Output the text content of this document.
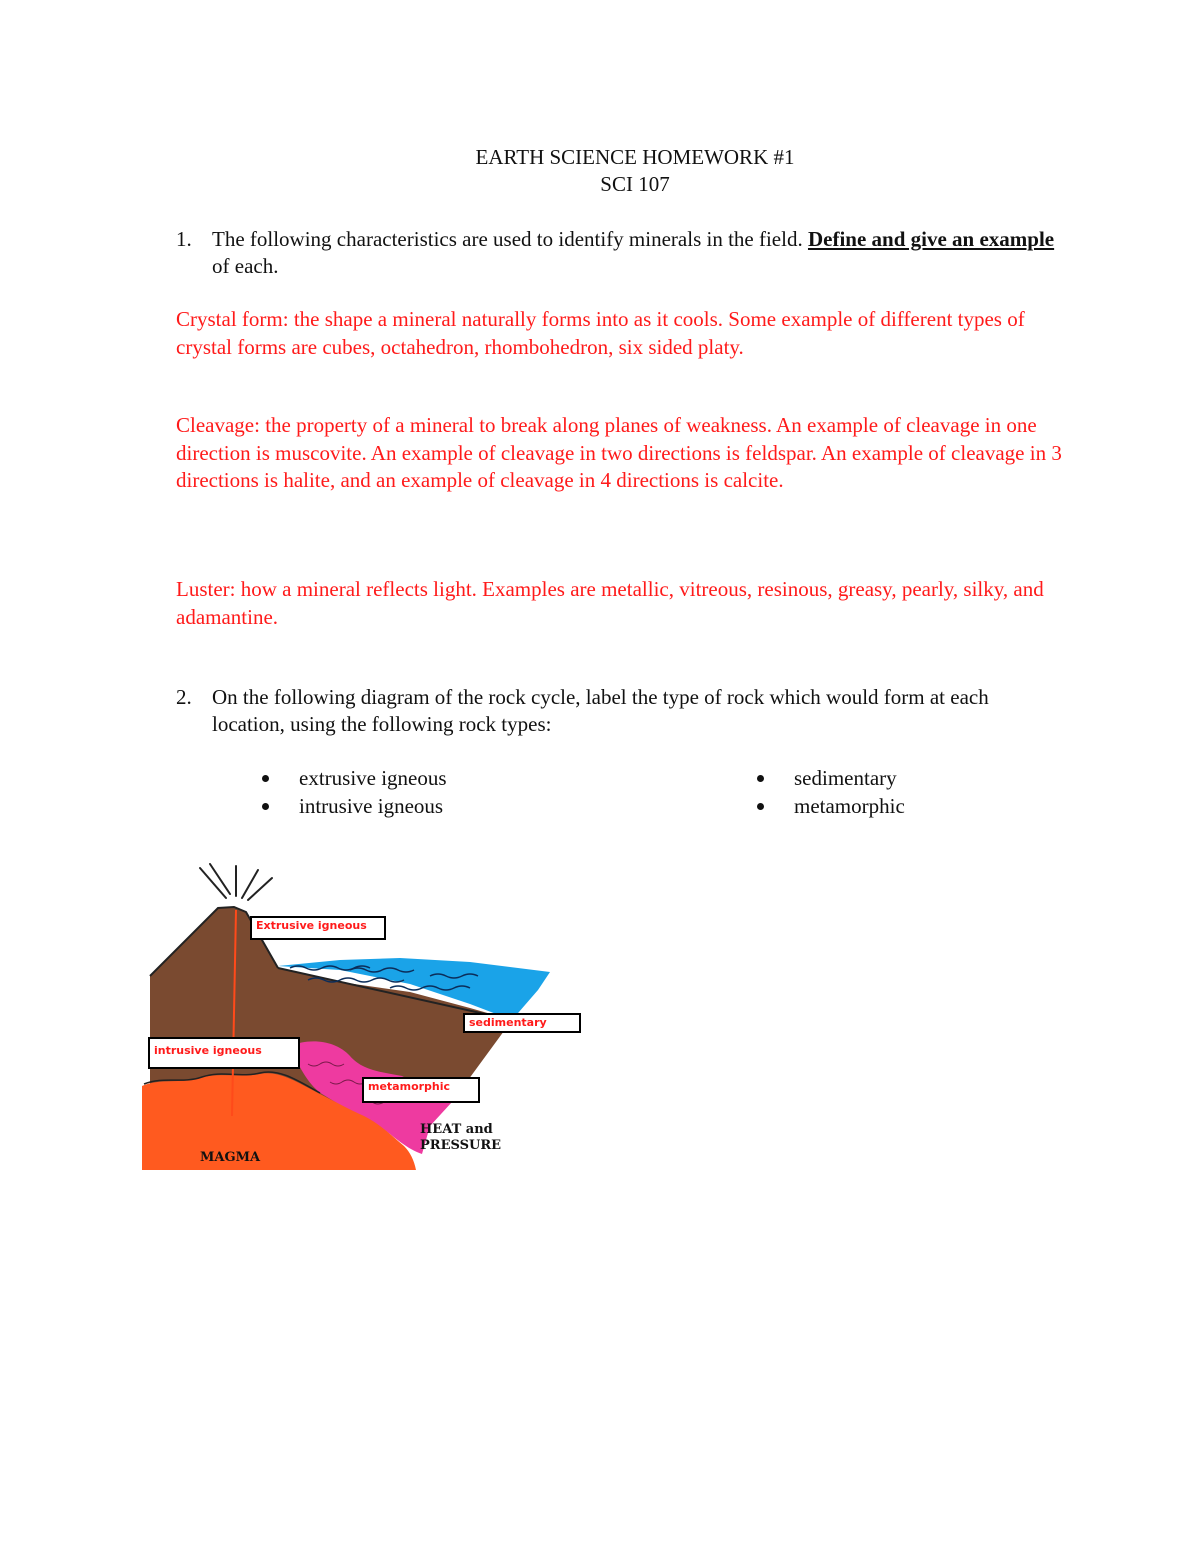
EARTH SCIENCE HOMEWORK #1
SCI 107
1. The following characteristics are used to identify minerals in the field. Define and give an example of each.
Crystal form: the shape a mineral naturally forms into as it cools. Some example of different types of crystal forms are cubes, octahedron, rhombohedron, six sided platy.
Cleavage: the property of a mineral to break along planes of weakness. An example of cleavage in one direction is muscovite. An example of cleavage in two directions is feldspar. An example of cleavage in 3 directions is halite, and an example of cleavage in 4 directions is calcite.
Luster: how a mineral reflects light. Examples are metallic, vitreous, resinous, greasy, pearly, silky, and adamantine.
2. On the following diagram of the rock cycle, label the type of rock which would form at each location, using the following rock types:
extrusive igneous
intrusive igneous
sedimentary
metamorphic
Extrusive igneous
sedimentary
intrusive igneous
metamorphic
MAGMA
HEAT and
PRESSURE
